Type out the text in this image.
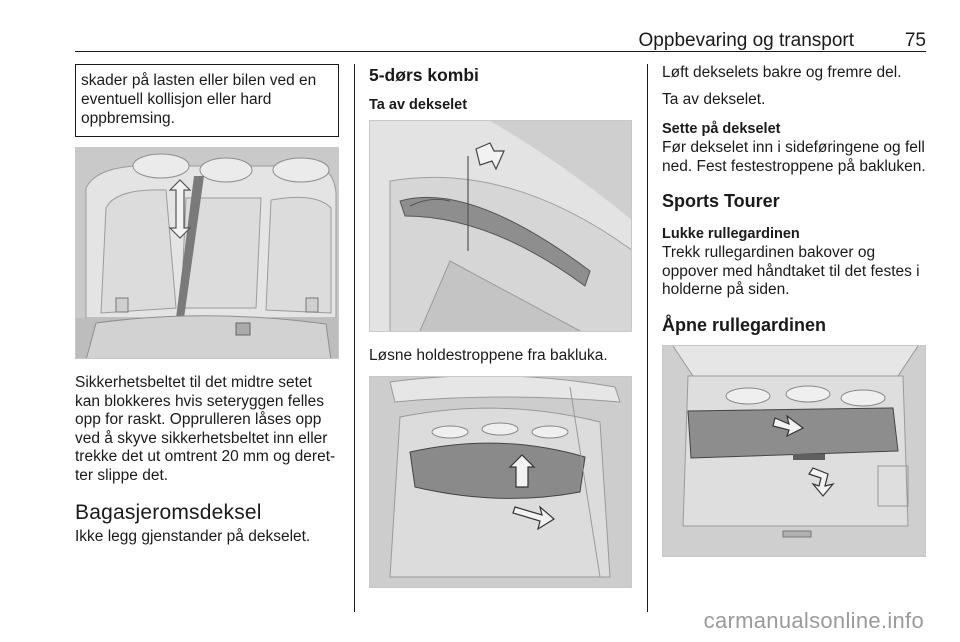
Oppbevaring og transport	75
skader på lasten eller bilen ved en eventuell kollisjon eller hard oppbremsing.
Sikkerhetsbeltet til det midtre setet kan blokkeres hvis seteryggen felles opp for raskt. Opprulleren låses opp ved å skyve sikkerhetsbeltet inn eller trekke det ut omtrent 20 mm og deret-ter slippe det.
Bagasjeromsdeksel
Ikke legg gjenstander på dekselet.
5-dørs kombi
Ta av dekselet
Løsne holdestroppene fra bakluka.
Løft dekselets bakre og fremre del.
Ta av dekselet.
Sette på dekselet
Før dekselet inn i sideføringene og fell ned. Fest festestroppene på bakluken.
Sports Tourer
Lukke rullegardinen
Trekk rullegardinen bakover og oppover med håndtaket til det festes i holderne på siden.
Åpne rullegardinen
carmanualsonline.info
